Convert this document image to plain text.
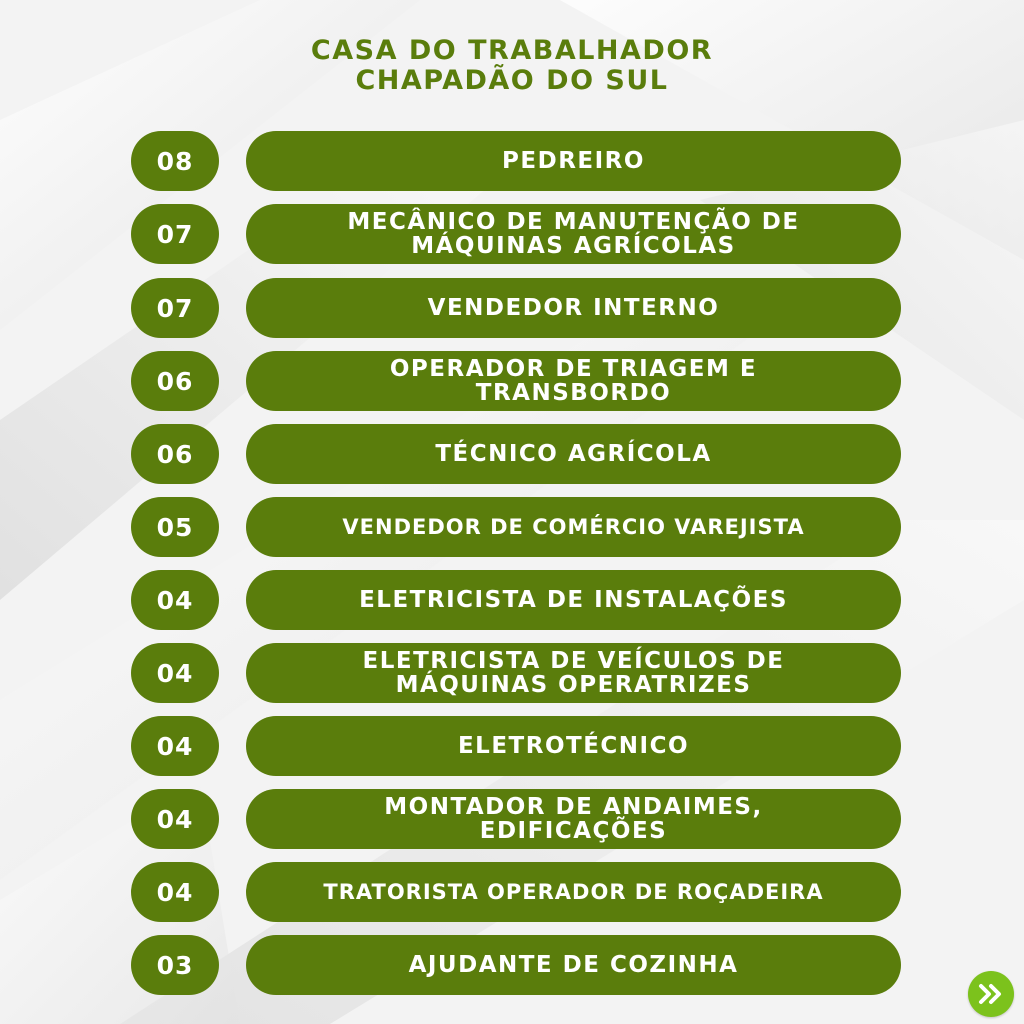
CASA DO TRABALHADOR
CHAPADÃO DO SUL
08	PEDREIRO
07	MECÂNICO DE MANUTENÇÃO DE
MÁQUINAS AGRÍCOLAS
07	VENDEDOR INTERNO
06	OPERADOR DE TRIAGEM E
TRANSBORDO
06	TÉCNICO AGRÍCOLA
05	VENDEDOR DE COMÉRCIO VAREJISTA
04	ELETRICISTA DE INSTALAÇÕES
04	ELETRICISTA DE VEÍCULOS DE
MÁQUINAS OPERATRIZES
04	ELETROTÉCNICO
04	MONTADOR DE ANDAIMES,
EDIFICAÇÕES
04	TRATORISTA OPERADOR DE ROÇADEIRA
03	AJUDANTE DE COZINHA
